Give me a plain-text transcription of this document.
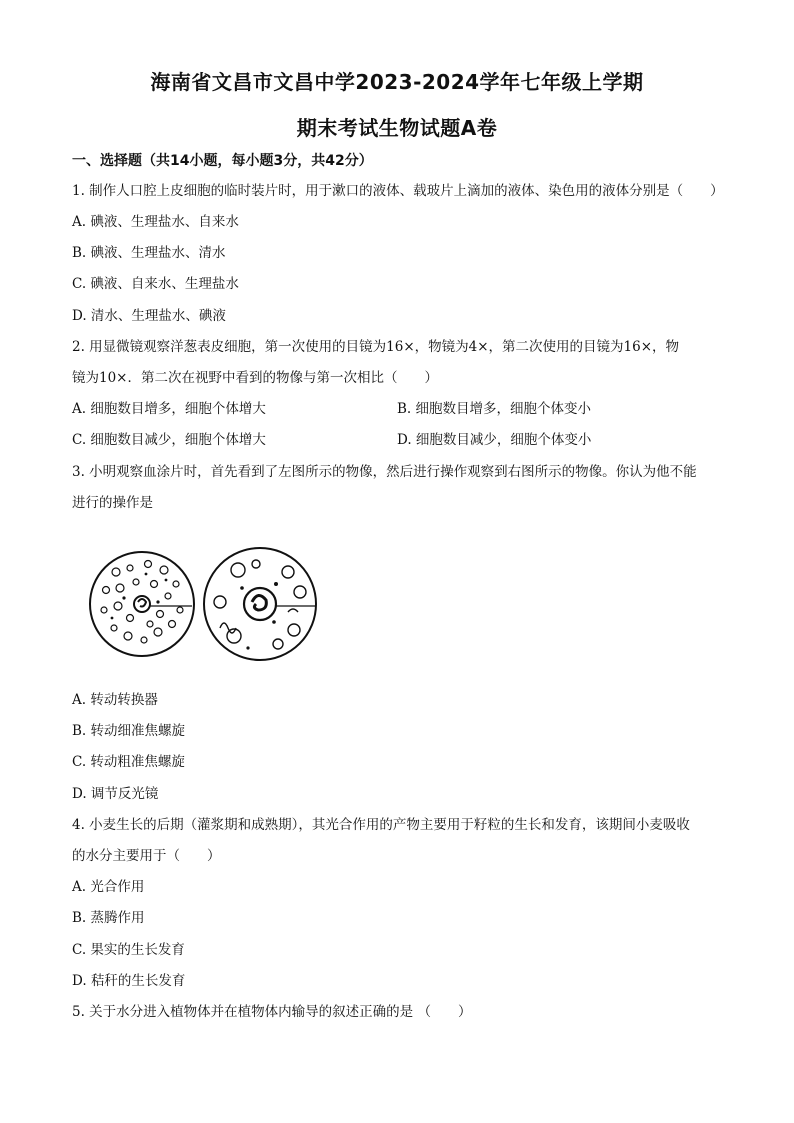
海南省文昌市文昌中学2023-2024学年七年级上学期
期末考试生物试题A卷
一、选择题（共14小题，每小题3分，共42分）
1. 制作人口腔上皮细胞的临时装片时，用于漱口的液体、载玻片上滴加的液体、染色用的液体分别是（　　）
A. 碘液、生理盐水、自来水
B. 碘液、生理盐水、清水
C. 碘液、自来水、生理盐水
D. 清水、生理盐水、碘液
2. 用显微镜观察洋葱表皮细胞，第一次使用的目镜为16×，物镜为4×，第二次使用的目镜为16×，物
镜为10×．第二次在视野中看到的物像与第一次相比（　　）
A. 细胞数目增多，细胞个体增大	B. 细胞数目增多，细胞个体变小
C. 细胞数目减少，细胞个体增大	D. 细胞数目减少，细胞个体变小
3. 小明观察血涂片时，首先看到了左图所示的物像，然后进行操作观察到右图所示的物像。你认为他不能
进行的操作是
A. 转动转换器
B. 转动细准焦螺旋
C. 转动粗准焦螺旋
D. 调节反光镜
4. 小麦生长的后期（灌浆期和成熟期），其光合作用的产物主要用于籽粒的生长和发育，该期间小麦吸收
的水分主要用于（　　）
A. 光合作用
B. 蒸腾作用
C. 果实的生长发育
D. 秸秆的生长发育
5. 关于水分进入植物体并在植物体内输导的叙述正确的是 （　　）
